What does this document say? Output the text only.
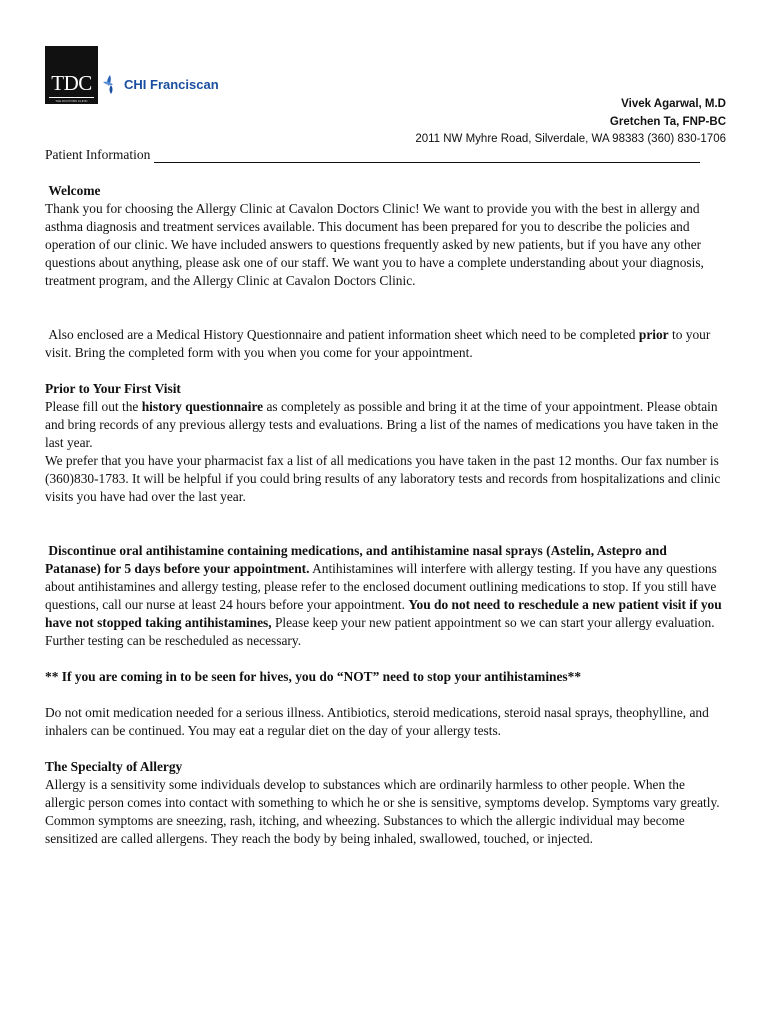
TDC
THE DOCTORS CLINIC
CHI Franciscan
Vivek Agarwal, M.D
Gretchen Ta, FNP-BC
2011 NW Myhre Road, Silverdale, WA 98383 (360) 830-1706
Patient Information

Welcome

Thank you for choosing the Allergy Clinic at Cavalon Doctors Clinic! We want to provide you with the best in allergy and asthma diagnosis and treatment services available. This document has been prepared for you to describe the policies and operation of our clinic. We have included answers to questions frequently asked by new patients, but if you have any other questions about anything, please ask one of our staff. We want you to have a complete understanding about your diagnosis, treatment program, and the Allergy Clinic at Cavalon Doctors Clinic.

Also enclosed are a Medical History Questionnaire and patient information sheet which need to be completed prior to your visit. Bring the completed form with you when you come for your appointment.

Prior to Your First Visit

Please fill out the history questionnaire as completely as possible and bring it at the time of your appointment. Please obtain and bring records of any previous allergy tests and evaluations. Bring a list of the names of medications you have taken in the last year.

We prefer that you have your pharmacist fax a list of all medications you have taken in the past 12 months. Our fax number is (360)830-1783. It will be helpful if you could bring results of any laboratory tests and records from hospitalizations and clinic visits you have had over the last year.

Discontinue oral antihistamine containing medications, and antihistamine nasal sprays (Astelin, Astepro and Patanase) for 5 days before your appointment. Antihistamines will interfere with allergy testing. If you have any questions about antihistamines and allergy testing, please refer to the enclosed document outlining medications to stop. If you still have questions, call our nurse at least 24 hours before your appointment. You do not need to reschedule a new patient visit if you have not stopped taking antihistamines, Please keep your new patient appointment so we can start your allergy evaluation. Further testing can be rescheduled as necessary.

** If you are coming in to be seen for hives, you do “NOT” need to stop your antihistamines**

Do not omit medication needed for a serious illness. Antibiotics, steroid medications, steroid nasal sprays, theophylline, and inhalers can be continued. You may eat a regular diet on the day of your allergy tests.

The Specialty of Allergy

Allergy is a sensitivity some individuals develop to substances which are ordinarily harmless to other people. When the allergic person comes into contact with something to which he or she is sensitive, symptoms develop. Symptoms vary greatly. Common symptoms are sneezing, rash, itching, and wheezing. Substances to which the allergic individual may become sensitized are called allergens. They reach the body by being inhaled, swallowed, touched, or injected.
